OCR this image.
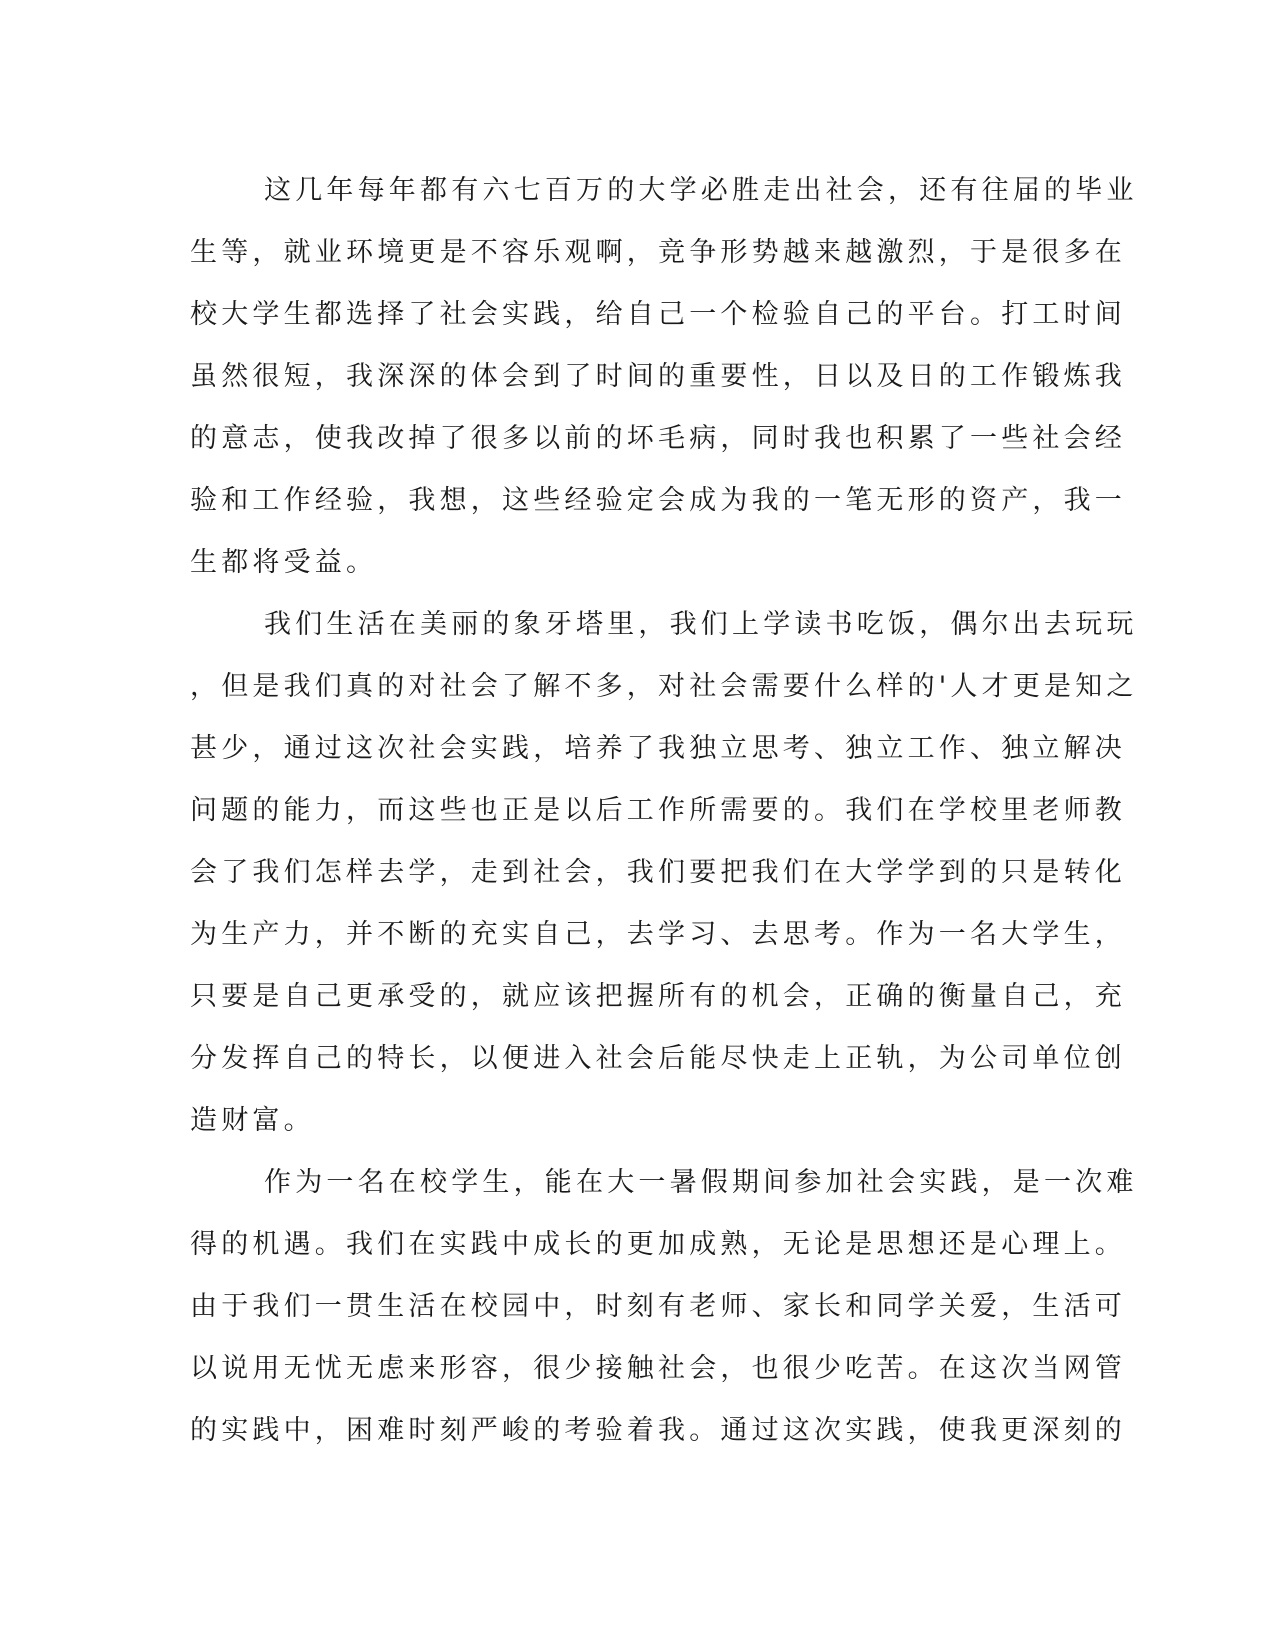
这几年每年都有六七百万的大学必胜走出社会，还有往届的毕业
生等，就业环境更是不容乐观啊，竞争形势越来越激烈，于是很多在
校大学生都选择了社会实践，给自己一个检验自己的平台。打工时间
虽然很短，我深深的体会到了时间的重要性，日以及日的工作锻炼我
的意志，使我改掉了很多以前的坏毛病，同时我也积累了一些社会经
验和工作经验，我想，这些经验定会成为我的一笔无形的资产，我一
生都将受益。
我们生活在美丽的象牙塔里，我们上学读书吃饭，偶尔出去玩玩
，但是我们真的对社会了解不多，对社会需要什么样的'人才更是知之
甚少，通过这次社会实践，培养了我独立思考、独立工作、独立解决
问题的能力，而这些也正是以后工作所需要的。我们在学校里老师教
会了我们怎样去学，走到社会，我们要把我们在大学学到的只是转化
为生产力，并不断的充实自己，去学习、去思考。作为一名大学生，
只要是自己更承受的，就应该把握所有的机会，正确的衡量自己，充
分发挥自己的特长，以便进入社会后能尽快走上正轨，为公司单位创
造财富。
作为一名在校学生，能在大一暑假期间参加社会实践，是一次难
得的机遇。我们在实践中成长的更加成熟，无论是思想还是心理上。
由于我们一贯生活在校园中，时刻有老师、家长和同学关爱，生活可
以说用无忧无虑来形容，很少接触社会，也很少吃苦。在这次当网管
的实践中，困难时刻严峻的考验着我。通过这次实践，使我更深刻的
